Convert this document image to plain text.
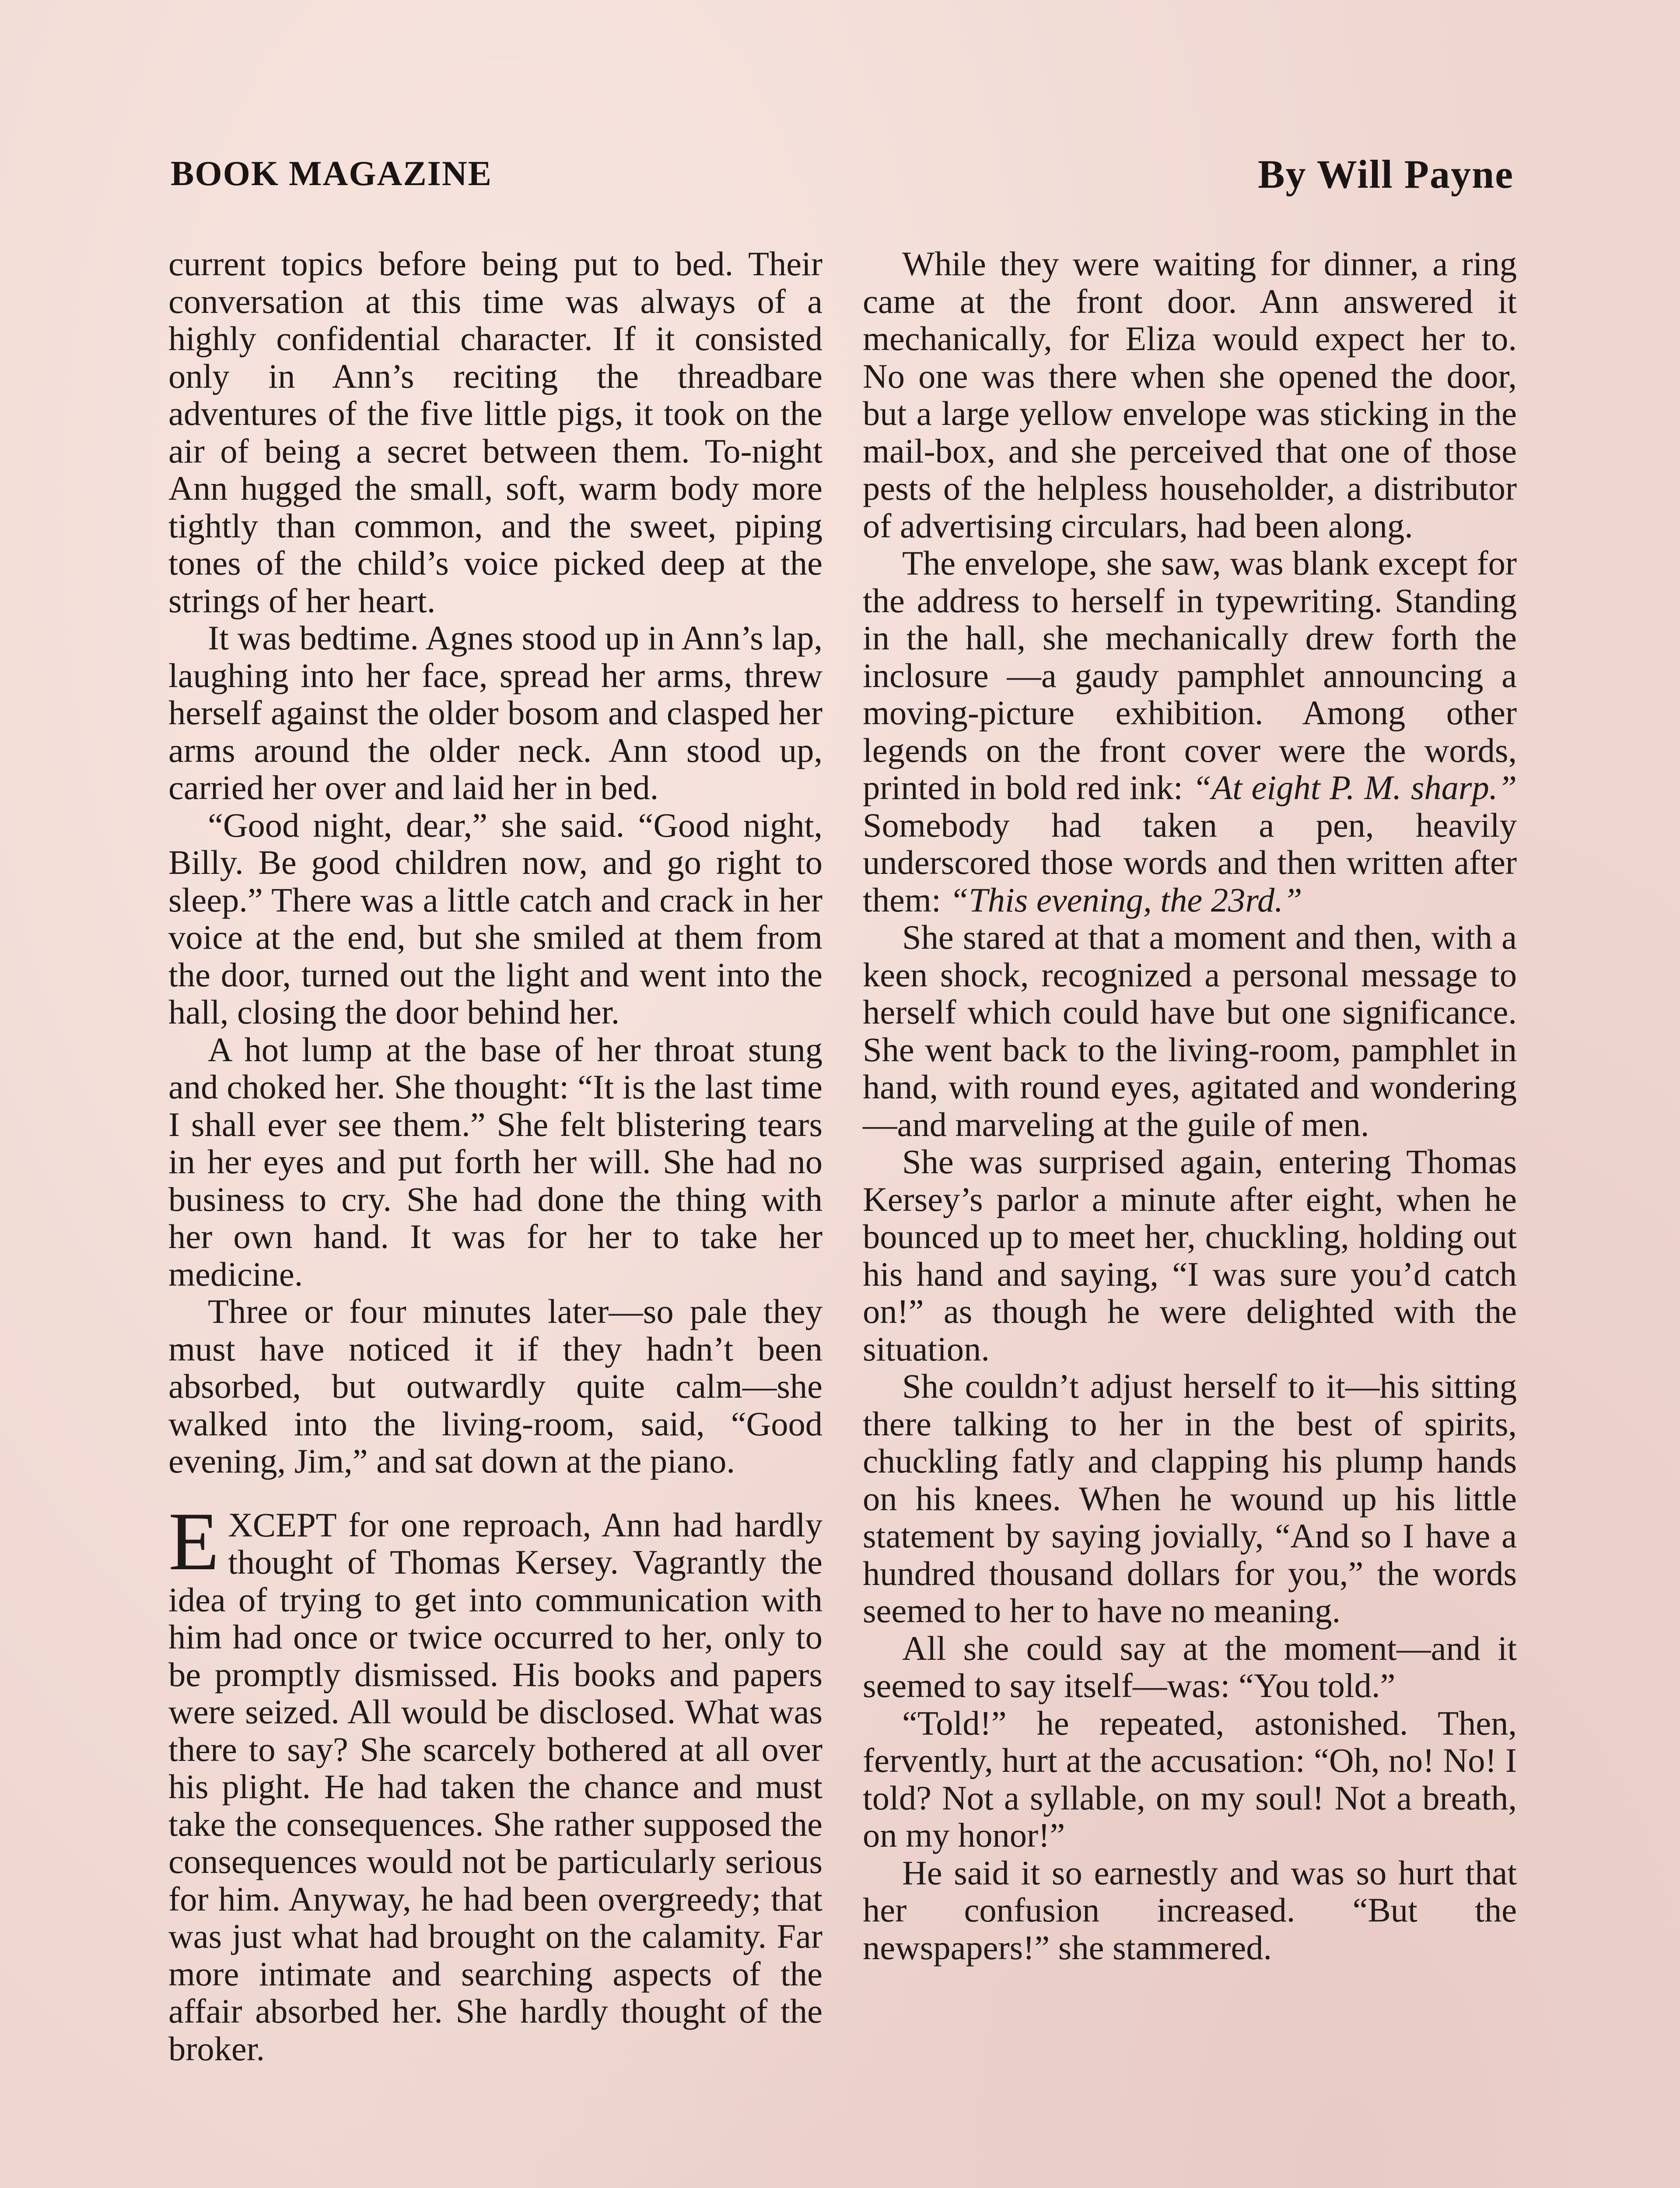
BOOK MAGAZINE	By Will Payne

current topics before being put to bed. Their conversation at this time was always of a highly confidential character. If it consisted only in Ann’s reciting the threadbare adventures of the five little pigs, it took on the air of being a secret between them. To-night Ann hugged the small, soft, warm body more tightly than common, and the sweet, piping tones of the child’s voice picked deep at the strings of her heart.

It was bedtime. Agnes stood up in Ann’s lap, laughing into her face, spread her arms, threw herself against the older bosom and clasped her arms around the older neck. Ann stood up, carried her over and laid her in bed.

“Good night, dear,” she said. “Good night, Billy. Be good children now, and go right to sleep.” There was a little catch and crack in her voice at the end, but she smiled at them from the door, turned out the light and went into the hall, closing the door behind her.

A hot lump at the base of her throat stung and choked her. She thought: “It is the last time I shall ever see them.” She felt blistering tears in her eyes and put forth her will. She had no business to cry. She had done the thing with her own hand. It was for her to take her medicine.

Three or four minutes later—so pale they must have noticed it if they hadn’t been absorbed, but outwardly quite calm—she walked into the living-room, said, “Good evening, Jim,” and sat down at the piano.

EXCEPT for one reproach, Ann had hardly thought of Thomas Kersey. Vagrantly the idea of trying to get into communication with him had once or twice occurred to her, only to be promptly dismissed. His books and papers were seized. All would be disclosed. What was there to say? She scarcely bothered at all over his plight. He had taken the chance and must take the consequences. She rather supposed the consequences would not be particularly serious for him. Anyway, he had been overgreedy; that was just what had brought on the calamity. Far more intimate and searching aspects of the affair absorbed her. She hardly thought of the broker.

While they were waiting for dinner, a ring came at the front door. Ann answered it mechanically, for Eliza would expect her to. No one was there when she opened the door, but a large yellow envelope was sticking in the mail-box, and she perceived that one of those pests of the helpless householder, a distributor of advertising circulars, had been along.

The envelope, she saw, was blank except for the address to herself in typewriting. Standing in the hall, she mechanically drew forth the inclosure —a gaudy pamphlet announcing a moving-picture exhibition. Among other legends on the front cover were the words, printed in bold red ink: “At eight P. M. sharp.” Somebody had taken a pen, heavily underscored those words and then written after them: “This evening, the 23rd.”

She stared at that a moment and then, with a keen shock, recognized a personal message to herself which could have but one significance. She went back to the living-room, pamphlet in hand, with round eyes, agitated and wondering—and marveling at the guile of men.

She was surprised again, entering Thomas Kersey’s parlor a minute after eight, when he bounced up to meet her, chuckling, holding out his hand and saying, “I was sure you’d catch on!” as though he were delighted with the situation.

She couldn’t adjust herself to it—his sitting there talking to her in the best of spirits, chuckling fatly and clapping his plump hands on his knees. When he wound up his little statement by saying jovially, “And so I have a hundred thousand dollars for you,” the words seemed to her to have no meaning.

All she could say at the moment—and it seemed to say itself—was: “You told.”

“Told!” he repeated, astonished. Then, fervently, hurt at the accusation: “Oh, no! No! I told? Not a syllable, on my soul! Not a breath, on my honor!”

He said it so earnestly and was so hurt that her confusion increased. “But the newspapers!” she stammered.
